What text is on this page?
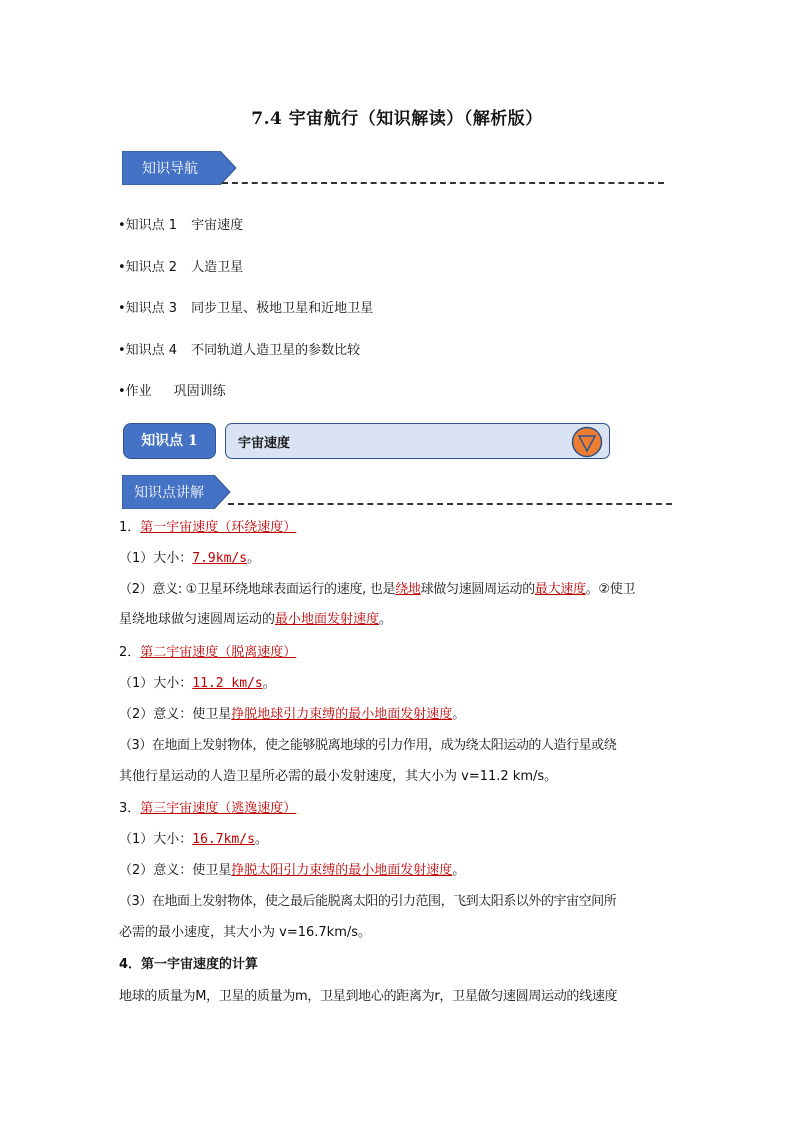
7.4 宇宙航行（知识解读）（解析版）
知识导航
•知识点 1 宇宙速度
•知识点 2 人造卫星
•知识点 3 同步卫星、极地卫星和近地卫星
•知识点 4 不同轨道人造卫星的参数比较
•作业 巩固训练
知识点 1	宇宙速度
知识点讲解
1．第一宇宙速度（环绕速度）
（1）大小：7.9km/s。
（2）意义: ①卫星环绕地球表面运行的速度, 也是绕地球做匀速圆周运动的最大速度。②使卫
星绕地球做匀速圆周运动的最小地面发射速度。
2．第二宇宙速度（脱离速度）
（1）大小：11.2 km/s。
（2）意义：使卫星挣脱地球引力束缚的最小地面发射速度。
（3）在地面上发射物体，使之能够脱离地球的引力作用，成为绕太阳运动的人造行星或绕
其他行星运动的人造卫星所必需的最小发射速度，其大小为 v=11.2 km/s。
3．第三宇宙速度（逃逸速度）
（1）大小：16.7km/s。
（2）意义：使卫星挣脱太阳引力束缚的最小地面发射速度。
（3）在地面上发射物体，使之最后能脱离太阳的引力范围，飞到太阳系以外的宇宙空间所
必需的最小速度，其大小为 v=16.7km/s。
4．第一宇宙速度的计算
地球的质量为M，卫星的质量为m，卫星到地心的距离为r，卫星做匀速圆周运动的线速度
